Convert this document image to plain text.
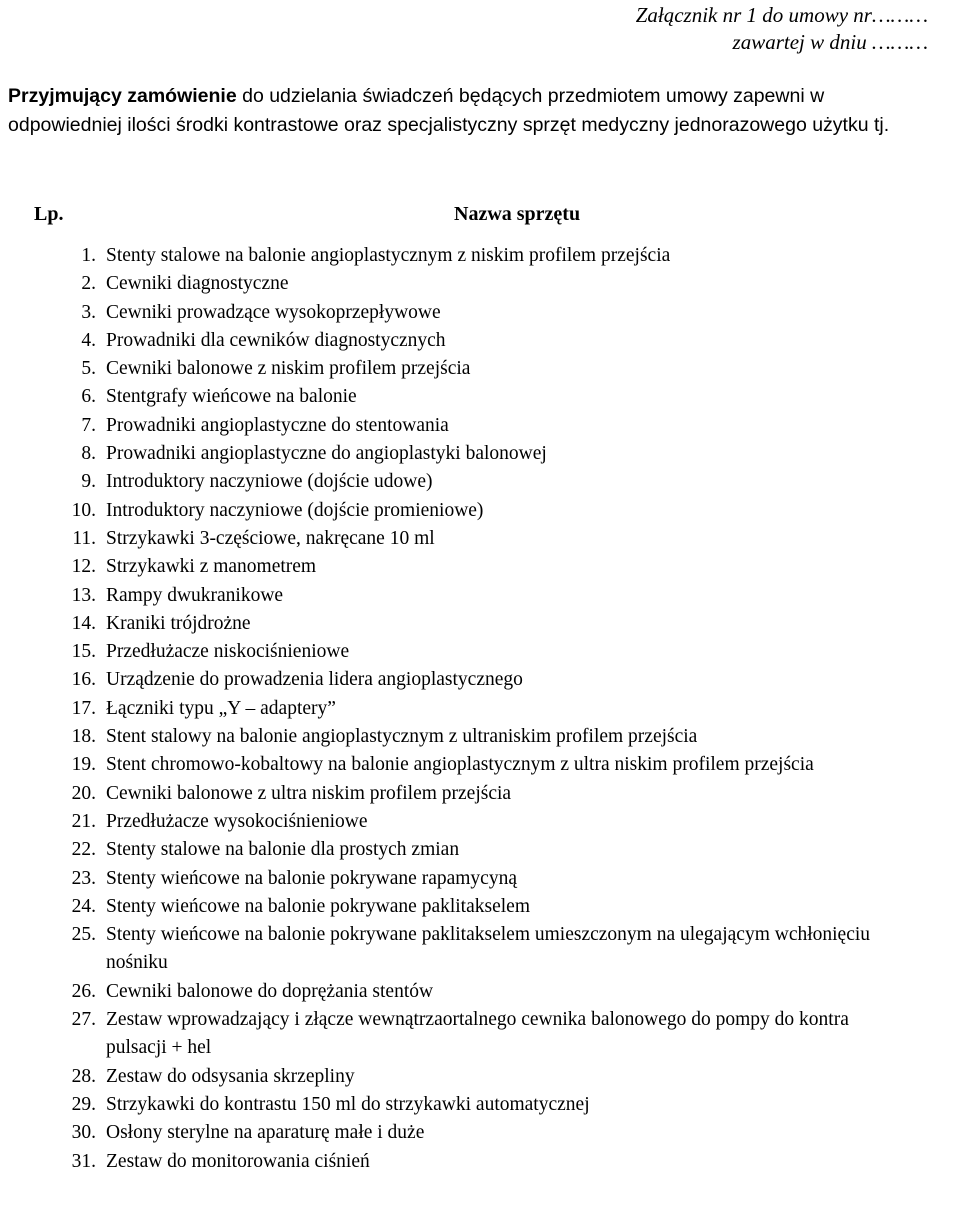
Załącznik nr 1 do umowy nr………
zawartej w dniu ………
Przyjmujący zamówienie do udzielania świadczeń będących przedmiotem umowy zapewni w odpowiedniej ilości środki kontrastowe oraz specjalistyczny sprzęt medyczny jednorazowego użytku tj.
Lp.	Nazwa sprzętu
1. Stenty stalowe na balonie angioplastycznym z niskim profilem przejścia
2. Cewniki diagnostyczne
3. Cewniki prowadzące wysokoprzepływowe
4. Prowadniki dla cewników diagnostycznych
5. Cewniki balonowe z niskim profilem przejścia
6. Stentgrafy wieńcowe na balonie
7. Prowadniki angioplastyczne do stentowania
8. Prowadniki angioplastyczne do angioplastyki balonowej
9. Introduktory naczyniowe (dojście udowe)
10. Introduktory naczyniowe (dojście promieniowe)
11. Strzykawki 3-częściowe, nakręcane 10 ml
12. Strzykawki z manometrem
13. Rampy dwukranikowe
14. Kraniki trójdrożne
15. Przedłużacze niskociśnieniowe
16. Urządzenie do prowadzenia lidera angioplastycznego
17. Łączniki typu „Y – adaptery”
18. Stent stalowy na balonie angioplastycznym z ultraniskim profilem przejścia
19. Stent chromowo-kobaltowy na balonie angioplastycznym z ultra niskim profilem przejścia
20. Cewniki balonowe z ultra niskim profilem przejścia
21. Przedłużacze wysokociśnieniowe
22. Stenty stalowe na balonie dla prostych zmian
23. Stenty wieńcowe na balonie pokrywane rapamycyną
24. Stenty wieńcowe na balonie pokrywane paklitakselem
25. Stenty wieńcowe na balonie pokrywane paklitakselem umieszczonym na ulegającym wchłonięciu nośniku
26. Cewniki balonowe do doprężania stentów
27. Zestaw wprowadzający i złącze wewnątrzaortalnego cewnika balonowego do pompy do kontra pulsacji + hel
28. Zestaw do odsysania skrzepliny
29. Strzykawki do kontrastu 150 ml do strzykawki automatycznej
30. Osłony sterylne na aparaturę małe i duże
31. Zestaw do monitorowania ciśnień
